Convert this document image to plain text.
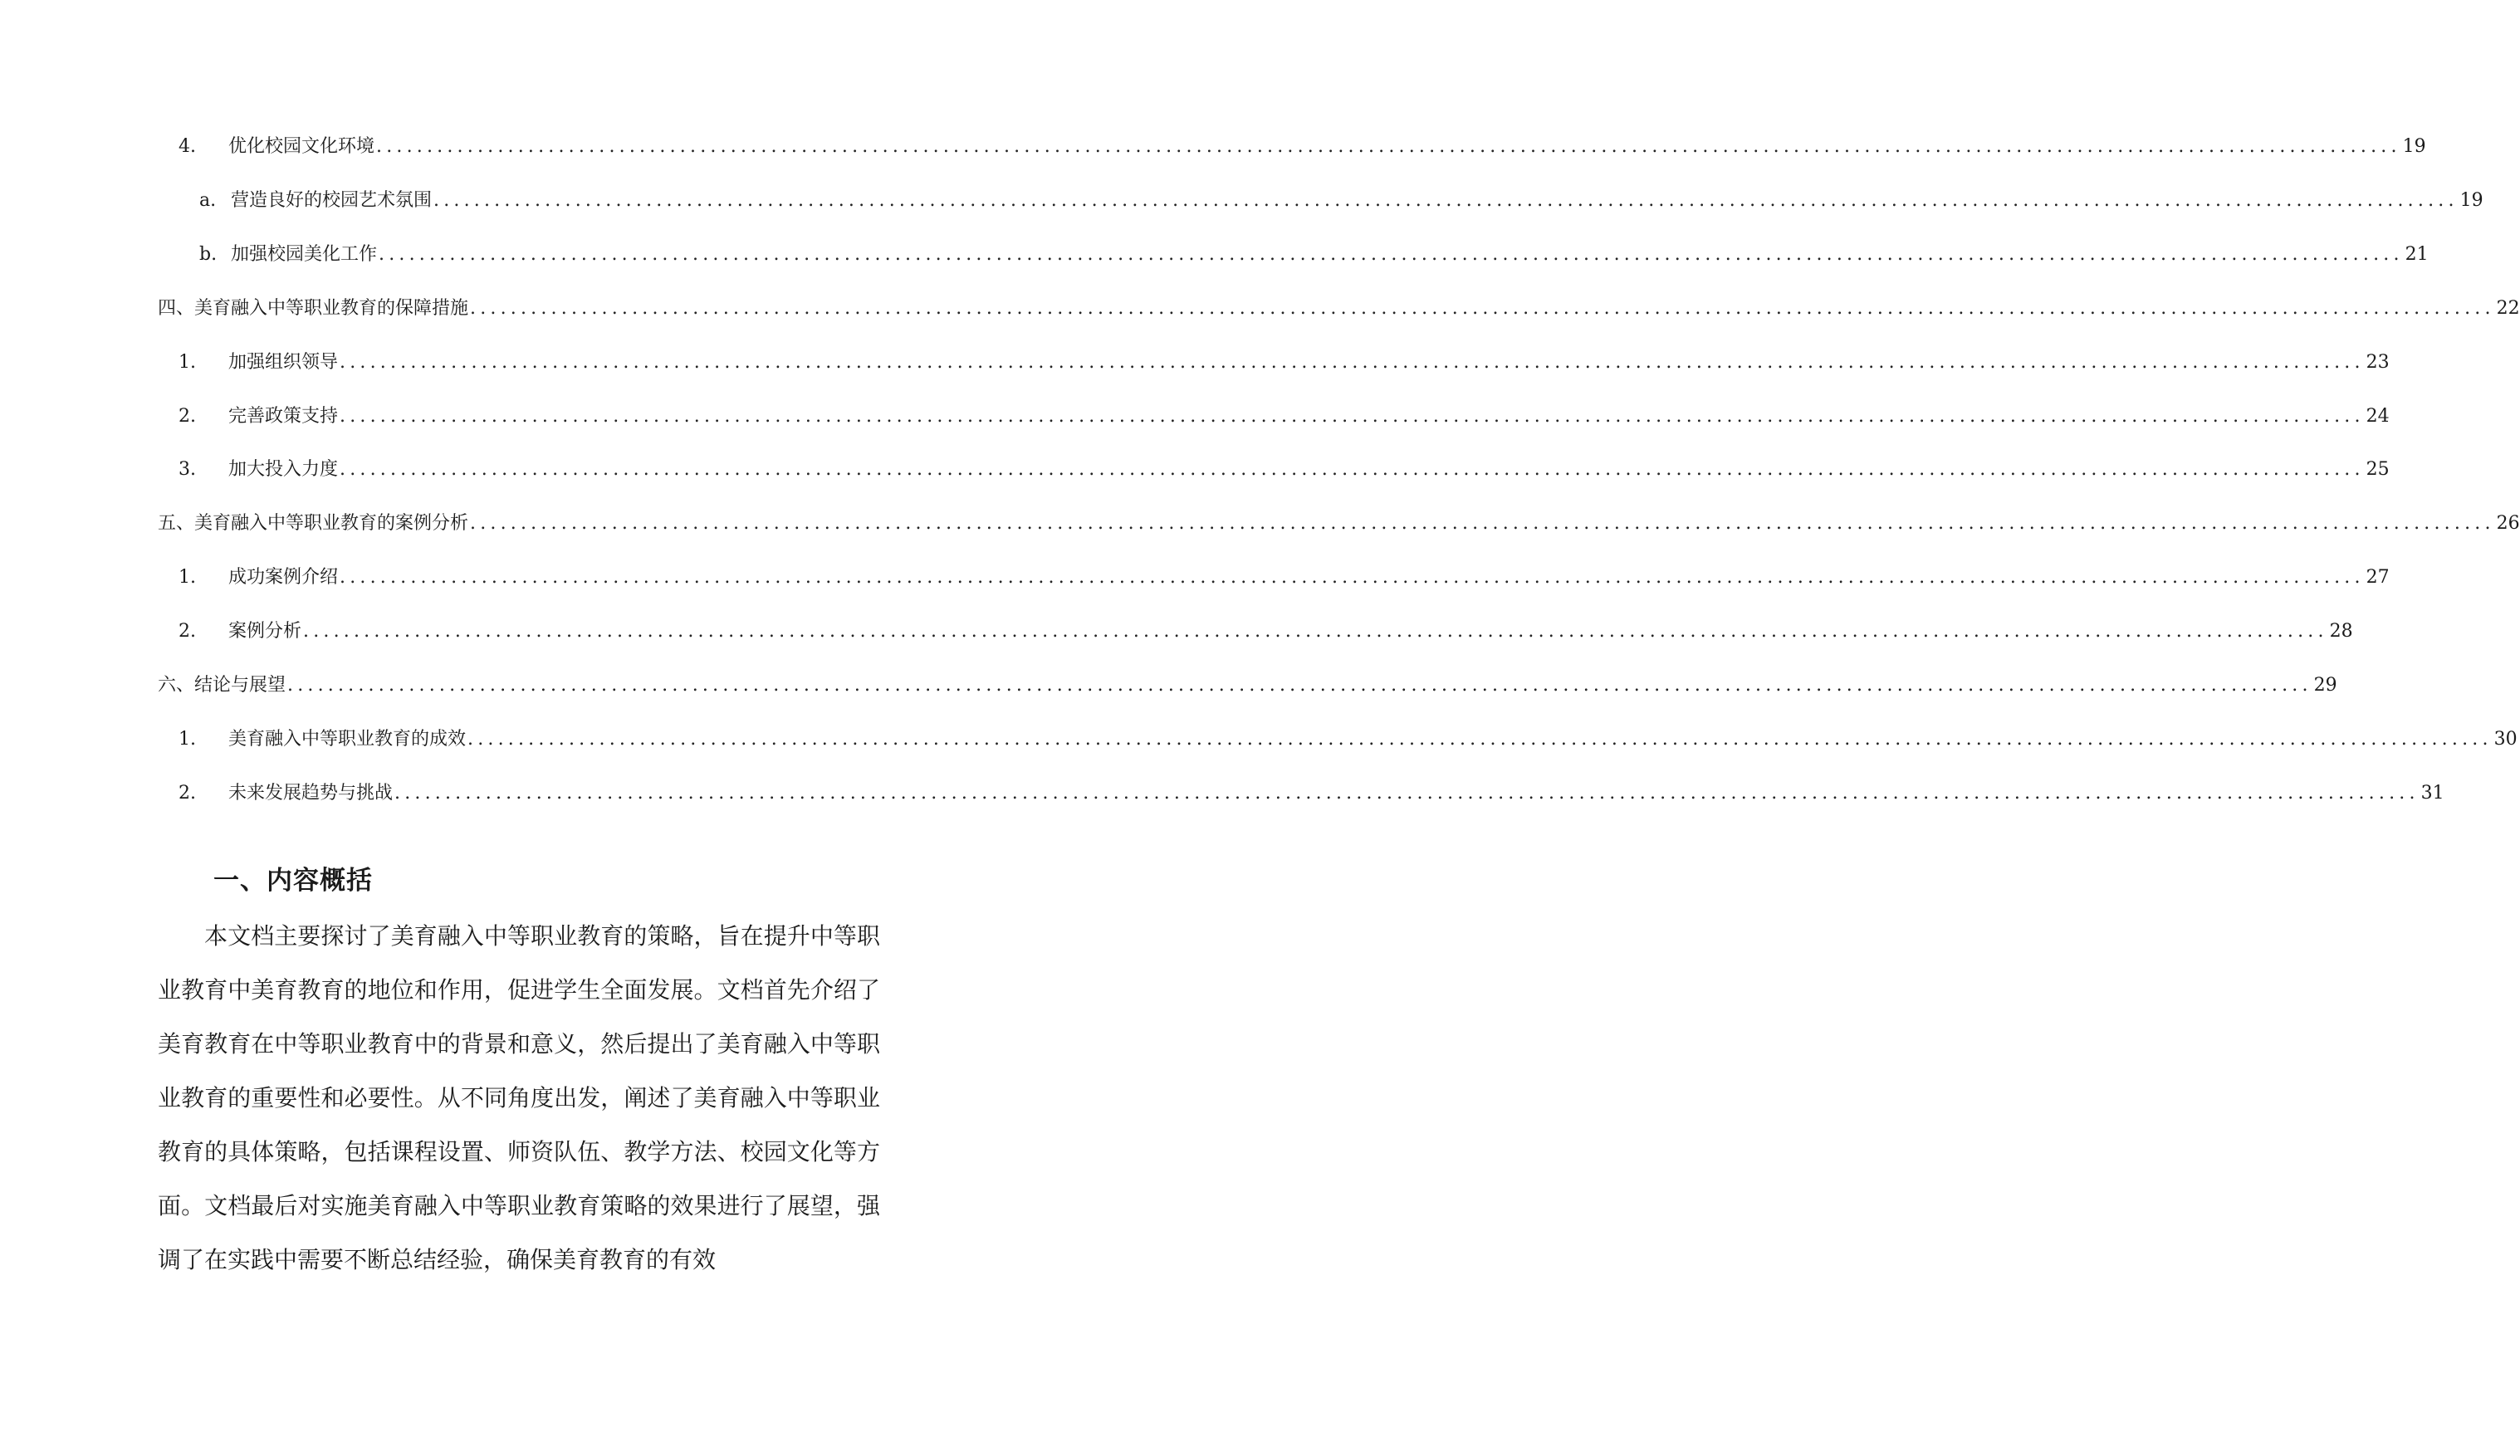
4.	优化校园文化环境 ........................................................................................................................................................................................................ 19
a. 营造良好的校园艺术氛围 ........................................................................................................................................................................................................ 19
b. 加强校园美化工作 ........................................................................................................................................................................................................ 21
四、美育融入中等职业教育的保障措施 ........................................................................................................................................................................................................ 22
1.	加强组织领导 ........................................................................................................................................................................................................ 23
2.	完善政策支持 ........................................................................................................................................................................................................ 24
3.	加大投入力度 ........................................................................................................................................................................................................ 25
五、美育融入中等职业教育的案例分析 ........................................................................................................................................................................................................ 26
1.	成功案例介绍 ........................................................................................................................................................................................................ 27
2.	案例分析 ........................................................................................................................................................................................................ 28
六、结论与展望 ........................................................................................................................................................................................................ 29
1.	美育融入中等职业教育的成效 ........................................................................................................................................................................................................ 30
2.	未来发展趋势与挑战 ........................................................................................................................................................................................................ 31
一、内容概括

本文档主要探讨了美育融入中等职业教育的策略，旨在提升中等职业教育中美育教育的地位和作用，促进学生全面发展。文档首先介绍了美育教育在中等职业教育中的背景和意义，然后提出了美育融入中等职业教育的重要性和必要性。从不同角度出发，阐述了美育融入中等职业教育的具体策略，包括课程设置、师资队伍、教学方法、校园文化等方面。文档最后对实施美育融入中等职业教育策略的效果进行了展望，强调了在实践中需要不断总结经验，确保美育教育的有效
